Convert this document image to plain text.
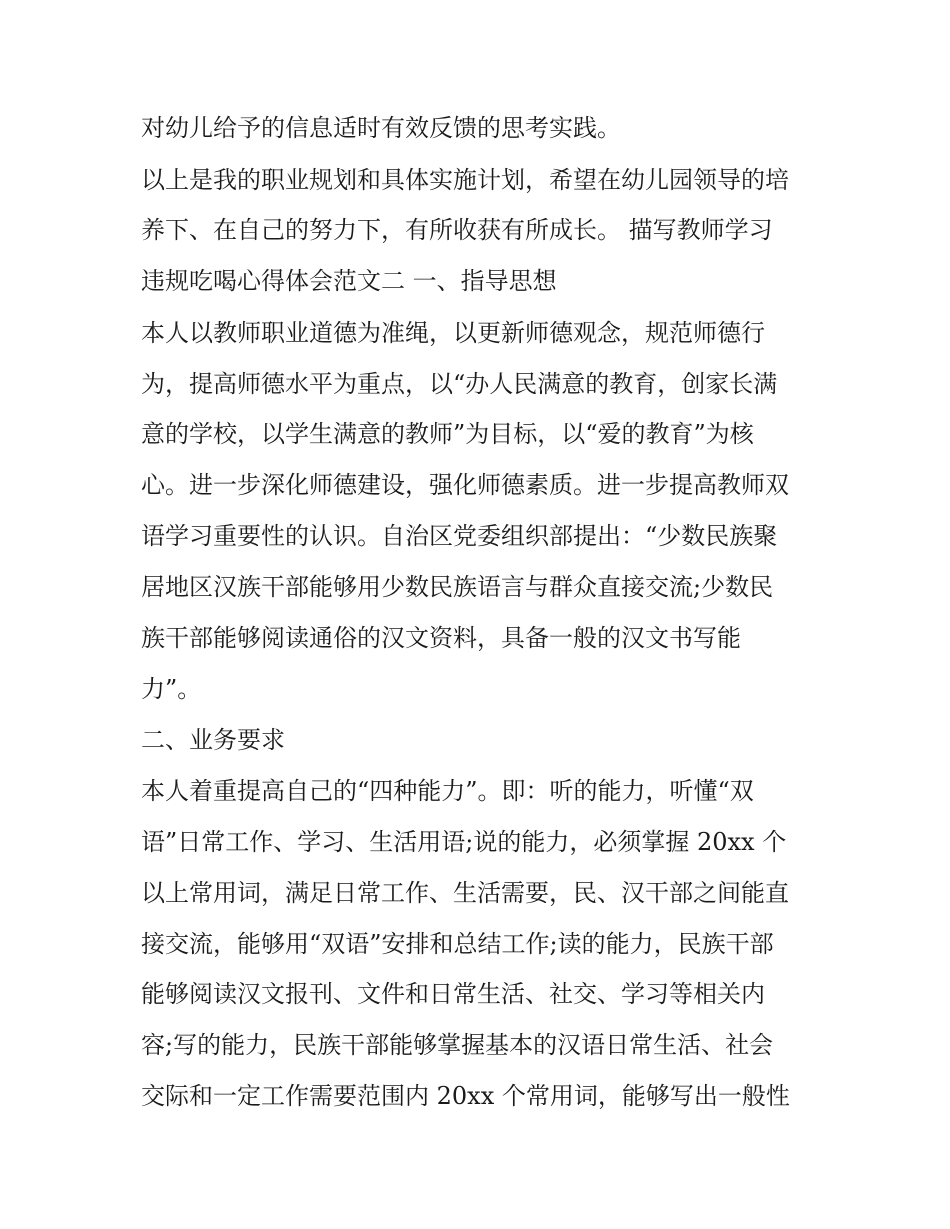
对幼儿给予的信息适时有效反馈的思考实践。
以上是我的职业规划和具体实施计划，希望在幼儿园领导的培
养下、在自己的努力下，有所收获有所成长。 描写教师学习
违规吃喝心得体会范文二 一、指导思想
本人以教师职业道德为准绳，以更新师德观念，规范师德行
为，提高师德水平为重点，以“办人民满意的教育，创家长满
意的学校，以学生满意的教师”为目标，以“爱的教育”为核
心。进一步深化师德建设，强化师德素质。进一步提高教师双
语学习重要性的认识。自治区党委组织部提出：“少数民族聚
居地区汉族干部能够用少数民族语言与群众直接交流;少数民
族干部能够阅读通俗的汉文资料，具备一般的汉文书写能
力”。
二、业务要求
本人着重提高自己的“四种能力”。即：听的能力，听懂“双
语”日常工作、学习、生活用语;说的能力，必须掌握 20xx 个
以上常用词，满足日常工作、生活需要，民、汉干部之间能直
接交流，能够用“双语”安排和总结工作;读的能力，民族干部
能够阅读汉文报刊、文件和日常生活、社交、学习等相关内
容;写的能力，民族干部能够掌握基本的汉语日常生活、社会
交际和一定工作需要范围内 20xx 个常用词，能够写出一般性
